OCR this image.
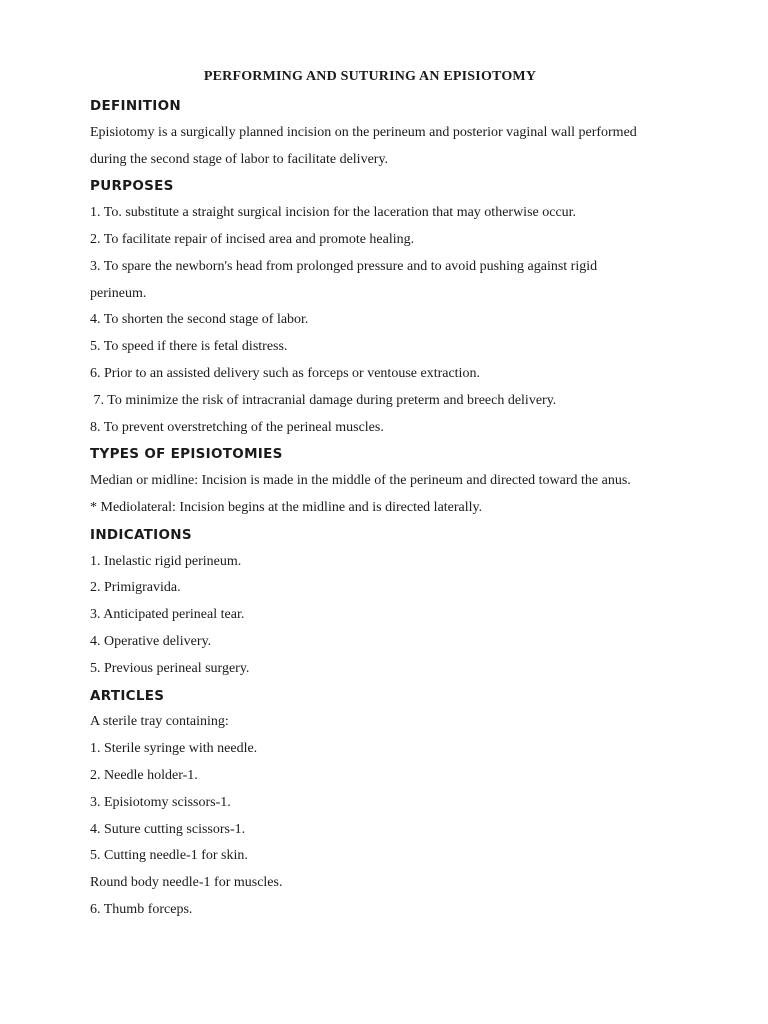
PERFORMING AND SUTURING AN EPISIOTOMY
DEFINITION
Episiotomy is a surgically planned incision on the perineum and posterior vaginal wall performed
during the second stage of labor to facilitate delivery.
PURPOSES
1. To. substitute a straight surgical incision for the laceration that may otherwise occur.
2. To facilitate repair of incised area and promote healing.
3. To spare the newborn's head from prolonged pressure and to avoid pushing against rigid
perineum.
4. To shorten the second stage of labor.
5. To speed if there is fetal distress.
6. Prior to an assisted delivery such as forceps or ventouse extraction.
7. To minimize the risk of intracranial damage during preterm and breech delivery.
8. To prevent overstretching of the perineal muscles.
TYPES OF EPISIOTOMIES
Median or midline: Incision is made in the middle of the perineum and directed toward the anus.
* Mediolateral: Incision begins at the midline and is directed laterally.
INDICATIONS
1. Inelastic rigid perineum.
2. Primigravida.
3. Anticipated perineal tear.
4. Operative delivery.
5. Previous perineal surgery.
ARTICLES
A sterile tray containing:
1. Sterile syringe with needle.
2. Needle holder-1.
3. Episiotomy scissors-1.
4. Suture cutting scissors-1.
5. Cutting needle-1 for skin.
Round body needle-1 for muscles.
6. Thumb forceps.
